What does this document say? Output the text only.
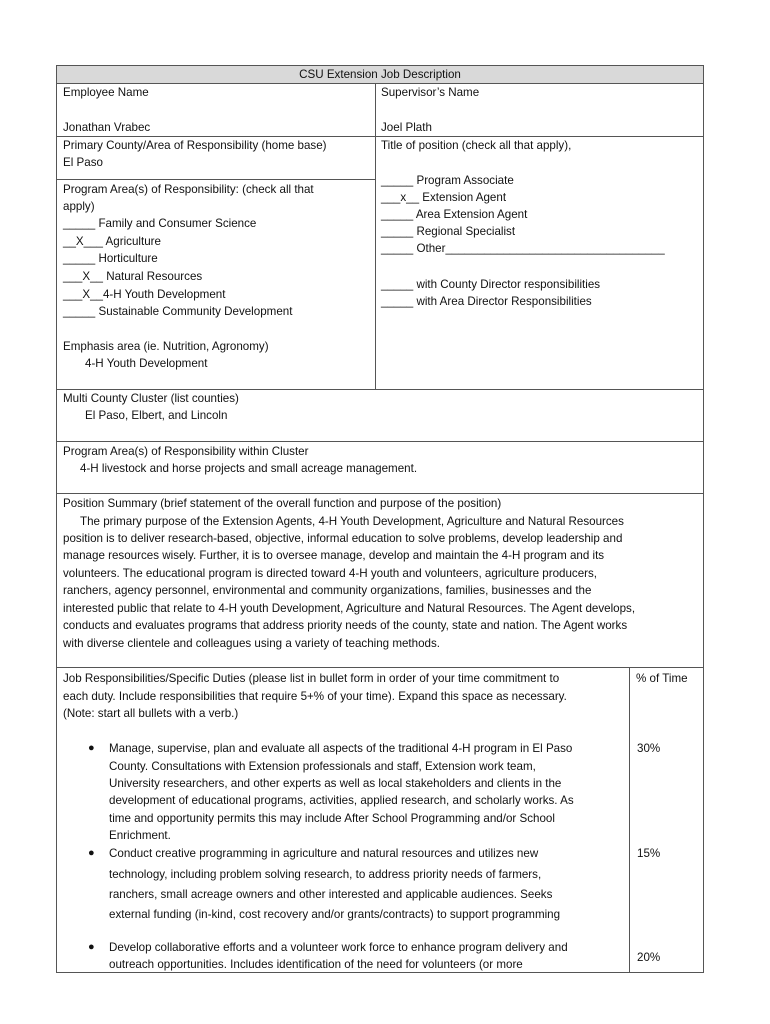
CSU Extension Job Description
Employee Name
Jonathan Vrabec
Supervisor’s Name
Joel Plath
Primary County/Area of Responsibility (home base)
El Paso
Title of position (check all that apply),
_____ Program Associate
___x__ Extension Agent
_____ Area Extension Agent
_____ Regional Specialist
_____ Other__________________________________
_____ with County Director responsibilities
_____ with Area Director Responsibilities
Program Area(s) of Responsibility: (check all that
apply)
_____ Family and Consumer Science
__X___ Agriculture
_____ Horticulture
___X__ Natural Resources
___X__4-H Youth Development
_____ Sustainable Community Development
Emphasis area (ie. Nutrition, Agronomy)
4-H Youth Development
Multi County Cluster (list counties)
El Paso, Elbert, and Lincoln
Program Area(s) of Responsibility within Cluster
4-H livestock and horse projects and small acreage management.
Position Summary (brief statement of the overall function and purpose of the position)
The primary purpose of the Extension Agents, 4-H Youth Development, Agriculture and Natural Resources
position is to deliver research-based, objective, informal education to solve problems, develop leadership and
manage resources wisely. Further, it is to oversee manage, develop and maintain the 4-H program and its
volunteers. The educational program is directed toward 4-H youth and volunteers, agriculture producers,
ranchers, agency personnel, environmental and community organizations, families, businesses and the
interested public that relate to 4-H youth Development, Agriculture and Natural Resources. The Agent develops,
conducts and evaluates programs that address priority needs of the county, state and nation. The Agent works
with diverse clientele and colleagues using a variety of teaching methods.
Job Responsibilities/Specific Duties (please list in bullet form in order of your time commitment to
each duty. Include responsibilities that require 5+% of your time). Expand this space as necessary.
(Note: start all bullets with a verb.)
% of Time
● Manage, supervise, plan and evaluate all aspects of the traditional 4-H program in El Paso
County. Consultations with Extension professionals and staff, Extension work team,
University researchers, and other experts as well as local stakeholders and clients in the
development of educational programs, activities, applied research, and scholarly works. As
time and opportunity permits this may include After School Programming and/or School
Enrichment.
30%
● Conduct creative programming in agriculture and natural resources and utilizes new
technology, including problem solving research, to address priority needs of farmers,
ranchers, small acreage owners and other interested and applicable audiences. Seeks
external funding (in-kind, cost recovery and/or grants/contracts) to support programming
15%
● Develop collaborative efforts and a volunteer work force to enhance program delivery and
outreach opportunities. Includes identification of the need for volunteers (or more
20%
